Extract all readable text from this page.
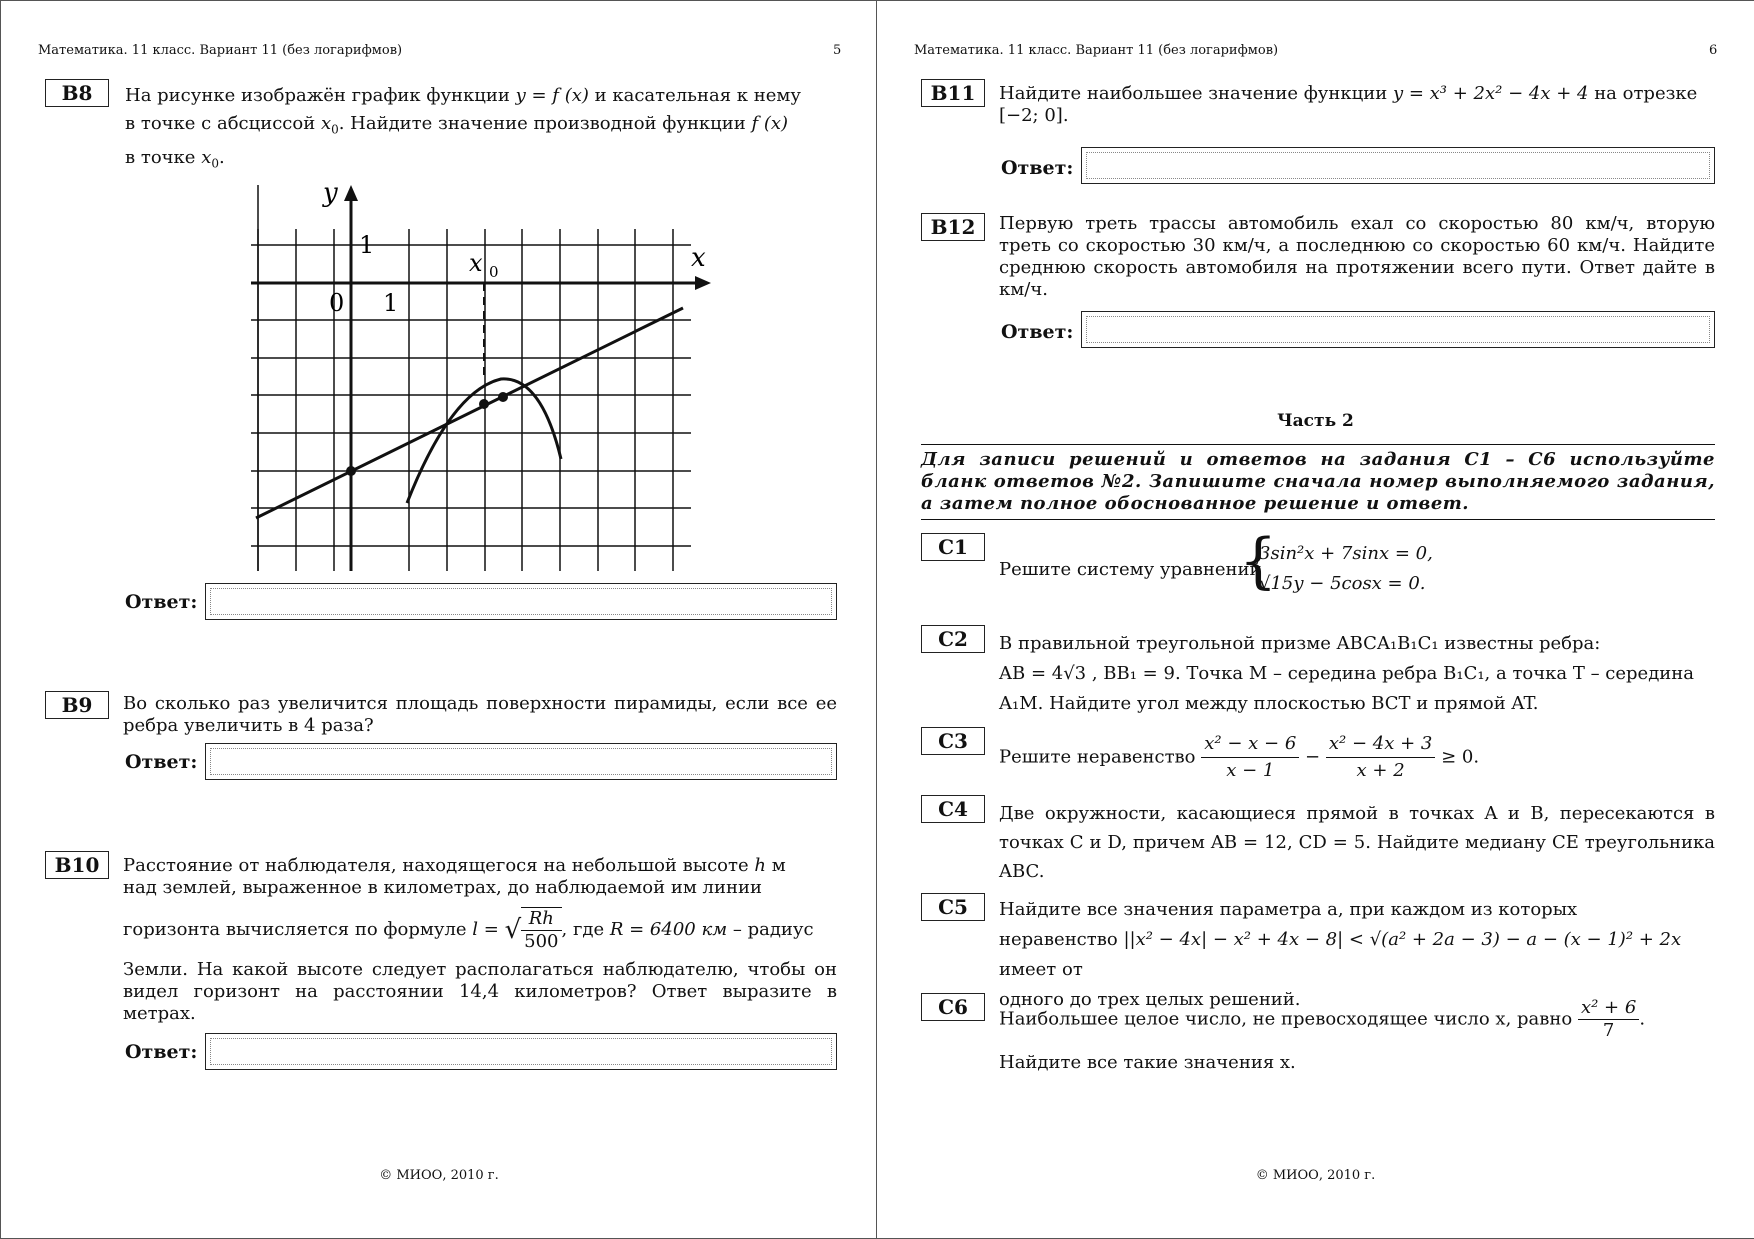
Математика. 11 класс. Вариант 11 (без логарифмов)	5
B8	На рисунке изображён график функции y = f (x) и касательная к нему
в точке с абсциссой $x_0$. Найдите значение производной функции f (x)
в точке $x_0$.
y
x
1
0 1
x 0
Ответ:
B9	Во сколько раз увеличится площадь поверхности пирамиды, если все ее ребра увеличить в 4 раза?
Ответ:
B10	Расстояние от наблюдателя, находящегося на небольшой высоте h м
над землей, выраженное в километрах, до наблюдаемой им линии
горизонта вычисляется по формуле l = √ $\frac{Rh}{500}$ , где R = 6400 км – радиус
Земли. На какой высоте следует располагаться наблюдателю, чтобы он видел горизонт на расстоянии 14,4 километров? Ответ выразите в метрах.
Ответ:
© МИОО, 2010 г.
Математика. 11 класс. Вариант 11 (без логарифмов)	6
B11	Найдите наибольшее значение функции y = x³ + 2x² − 4x + 4 на отрезке
[−2; 0].
Ответ:
B12	Первую треть трассы автомобиль ехал со скоростью 80 км/ч, вторую треть со скоростью 30 км/ч, а последнюю со скоростью 60 км/ч. Найдите среднюю скорость автомобиля на протяжении всего пути. Ответ дайте в км/ч.
Ответ:
Часть 2
Для записи решений и ответов на задания С1 – С6 используйте бланк ответов №2. Запишите сначала номер выполняемого задания, а затем полное обоснованное решение и ответ.
C1
Решите систему уравнений
{
3sin²x + 7sinx = 0,
√15y − 5cosx = 0.
C2	В правильной треугольной призме ABCA₁B₁C₁ известны ребра:
AB = 4√3 , BB₁ = 9. Точка M – середина ребра B₁C₁, а точка T – середина
A₁M. Найдите угол между плоскостью BCT и прямой AT.
C3
Решите неравенство $\frac{\text{x² − x − 6}}{x - 1} - \frac{\text{x² − 4x + 3}}{x + 2} \ge 0$.
C4	Две окружности, касающиеся прямой в точках A и B, пересекаются в точках C и D, причем AB = 12, CD = 5. Найдите медиану CE треугольника ABC.
C5	Найдите все значения параметра a, при каждом из которых
неравенство ||x² − 4x| − x² + 4x − 8| < √(a² + 2a − 3) − a − (x − 1)² + 2x имеет от
одного до трех целых решений.
C6	Наибольшее целое число, не превосходящее число x, равно $\frac{\text{x² + 6}}{7}$ .
Найдите все такие значения x.
© МИОО, 2010 г.
